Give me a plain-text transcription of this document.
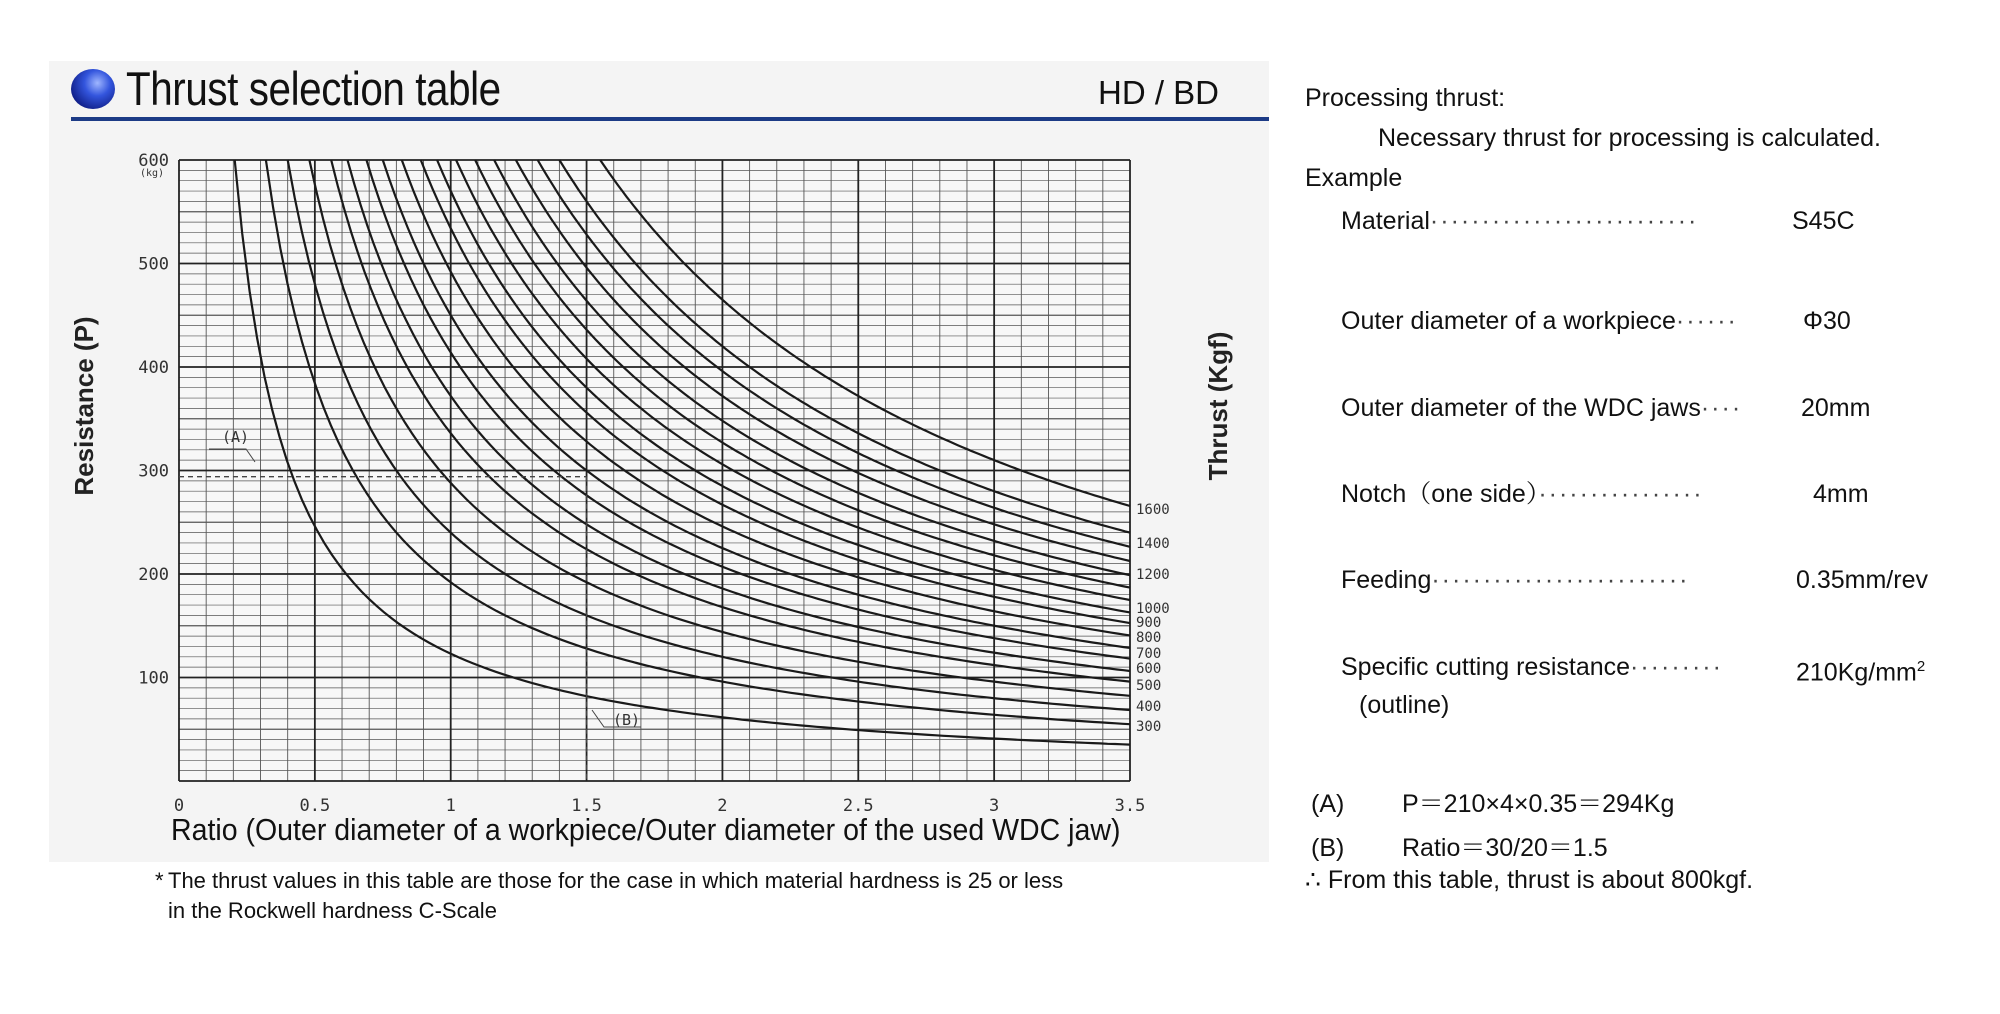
Thrust selection table	HD / BD
(A)
(B)
0	0.5	1	1.5	2	2.5	3	3.5
100
200
300
400
500
600
1600
1400
1200
1000
900
800
700
600
500
400
300
Resistance (P)	Thrust (Kgf)
(kg)
Ratio (Outer diameter of a workpiece/Outer diameter of the used WDC jaw)
* The thrust values in this table are those for the case in which material hardness is 25 or less
in the Rockwell hardness C-Scale
Processing thrust:
Necessary thrust for processing is calculated.
Example
Material··························	S45C
Outer diameter of a workpiece······	Φ30
Outer diameter of the WDC jaws···· 20mm
Notch（one side）················	4mm
Feeding·························	0.35mm/rev
Specific cutting resistance·········	$210Kg/mm^2$
(outline)
(A) P＝210×4×0.35＝294Kg
(B) Ratio＝30/20＝1.5
∴ From this table, thrust is about 800kgf.
